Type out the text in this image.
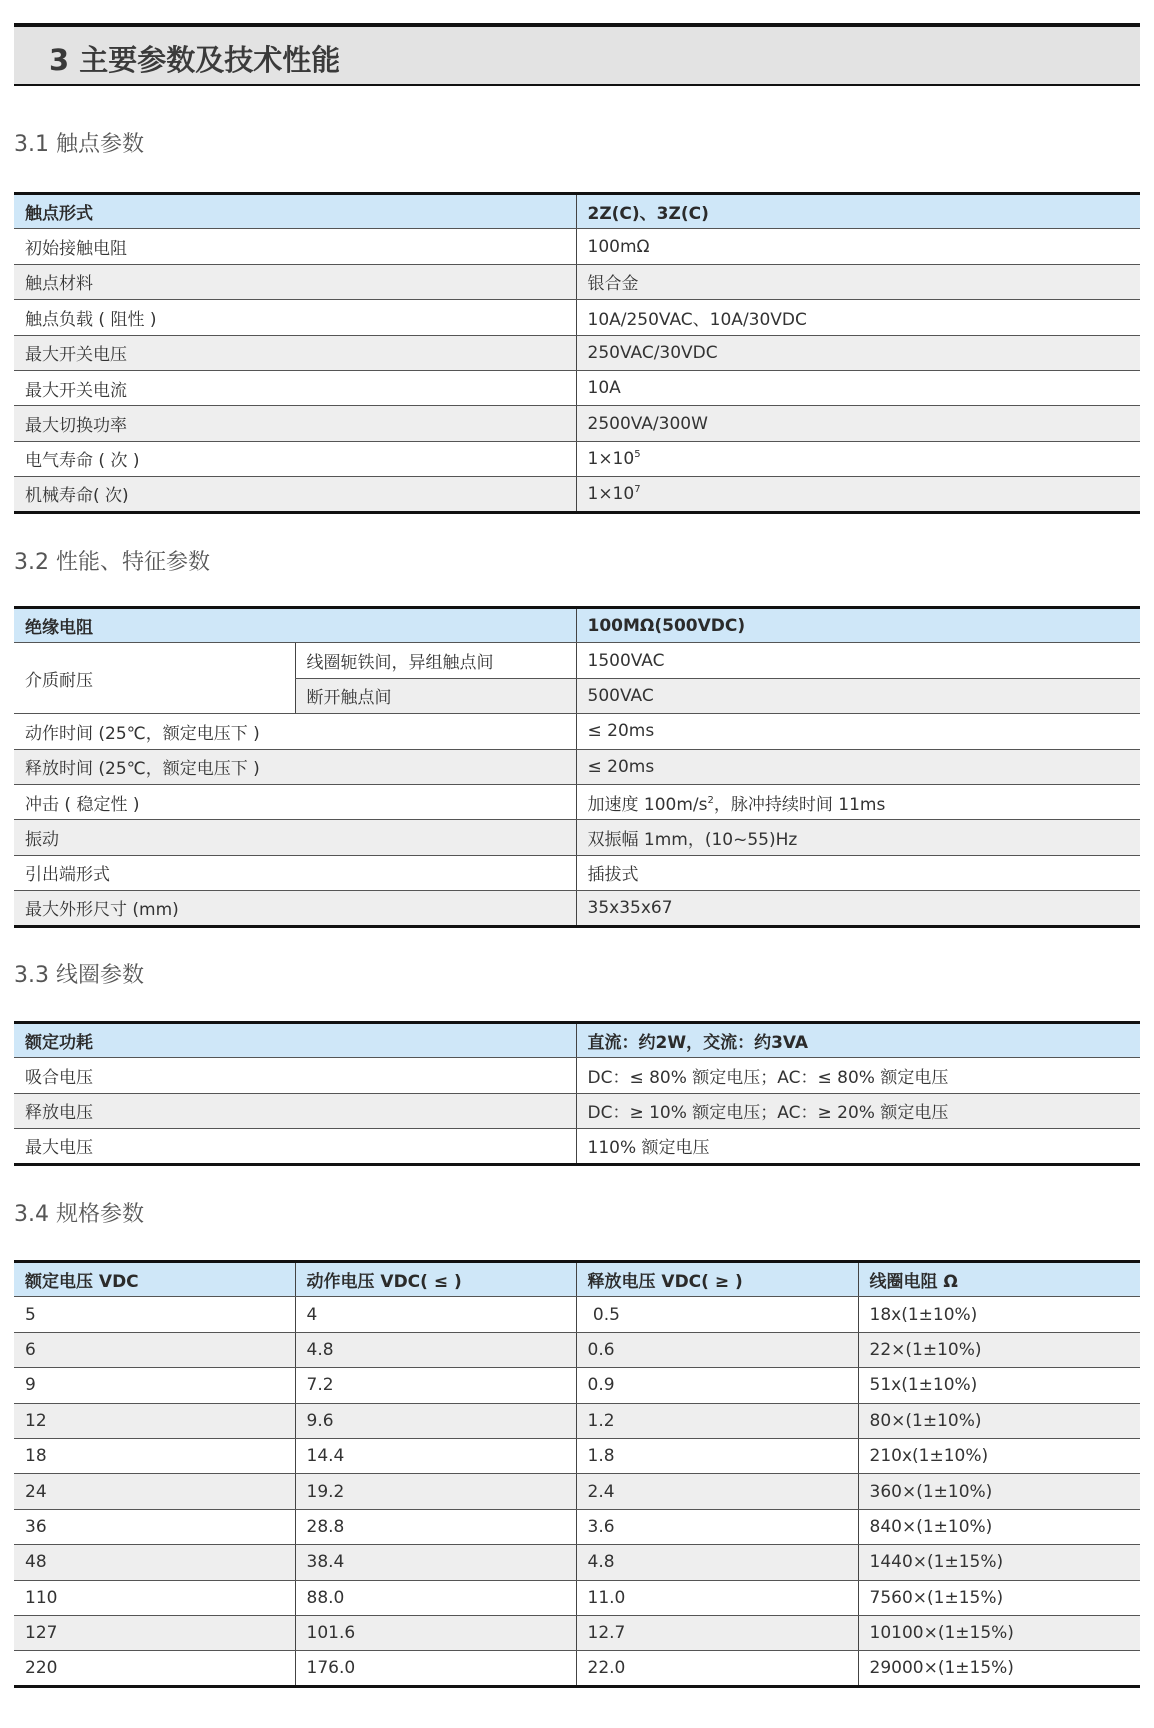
3 主要参数及技术性能
3.1 触点参数
触点形式	2Z(C)、3Z(C)
初始接触电阻	100mΩ
触点材料	银合金
触点负载 ( 阻性 )	10A/250VAC、10A/30VDC
最大开关电压	250VAC/30VDC
最大开关电流	10A
最大切换功率	2500VA/300W
电气寿命 ( 次 )	$1\times 10^5$
机械寿命( 次)	$1\times 10^7$
3.2 性能、特征参数
绝缘电阻		100MΩ(500VDC)
介质耐压	线圈轭铁间，异组触点间	1500VAC
	断开触点间	500VAC
动作时间 (25℃，额定电压下 )		≤ 20ms
释放时间 (25℃，额定电压下 )		≤ 20ms
冲击 ( 稳定性 )		加速度 $100m/s^2$，脉冲持续时间 11ms
振动		双振幅 1mm，(10~55)Hz
引出端形式		插拔式
最大外形尺寸 (mm)		35x35x67
3.3 线圈参数
额定功耗	直流：约2W，交流：约3VA
吸合电压	DC：≤ 80% 额定电压；AC：≤ 80% 额定电压
释放电压	DC：≥ 10% 额定电压；AC：≥ 20% 额定电压
最大电压	110% 额定电压
3.4 规格参数
额定电压 VDC	动作电压 VDC( ≤ )	释放电压 VDC( ≥ )	线圈电阻 Ω
5	4	0.5	18x(1±10%)
6	4.8	0.6	22×(1±10%)
9	7.2	0.9	51x(1±10%)
12	9.6	1.2	80×(1±10%)
18	14.4	1.8	210x(1±10%)
24	19.2	2.4	360×(1±10%)
36	28.8	3.6	840×(1±10%)
48	38.4	4.8	1440×(1±15%)
110	88.0	11.0	7560×(1±15%)
127	101.6	12.7	10100×(1±15%)
220	176.0	22.0	29000×(1±15%)
